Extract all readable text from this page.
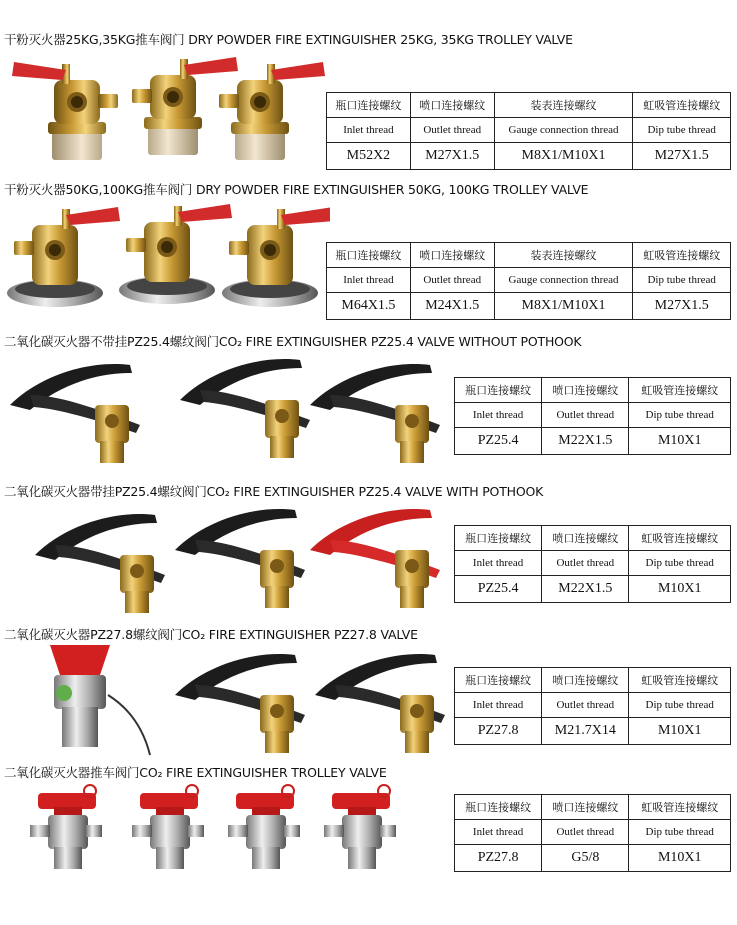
干粉灭火器25KG,35KG推车阀门 DRY POWDER FIRE EXTINGUISHER 25KG, 35KG TROLLEY VALVE
瓶口连接螺纹	喷口连接螺纹	装表连接螺纹	虹吸管连接螺纹
Inlet thread	Outlet thread	Gauge connection thread	Dip tube thread
M52X2	M27X1.5	M8X1/M10X1	M27X1.5
干粉灭火器50KG,100KG推车阀门 DRY POWDER FIRE EXTINGUISHER 50KG, 100KG TROLLEY VALVE
瓶口连接螺纹	喷口连接螺纹	装表连接螺纹	虹吸管连接螺纹
Inlet thread	Outlet thread	Gauge connection thread	Dip tube thread
M64X1.5	M24X1.5	M8X1/M10X1	M27X1.5
二氧化碳灭火器不带挂PZ25.4螺纹阀门CO₂ FIRE EXTINGUISHER PZ25.4 VALVE WITHOUT POTHOOK
瓶口连接螺纹	喷口连接螺纹	虹吸管连接螺纹
Inlet thread	Outlet thread	Dip tube thread
PZ25.4	M22X1.5	M10X1
二氧化碳灭火器带挂PZ25.4螺纹阀门CO₂ FIRE EXTINGUISHER PZ25.4 VALVE WITH POTHOOK
瓶口连接螺纹	喷口连接螺纹	虹吸管连接螺纹
Inlet thread	Outlet thread	Dip tube thread
PZ25.4	M22X1.5	M10X1
二氧化碳灭火器PZ27.8螺纹阀门CO₂ FIRE EXTINGUISHER PZ27.8 VALVE
瓶口连接螺纹	喷口连接螺纹	虹吸管连接螺纹
Inlet thread	Outlet thread	Dip tube thread
PZ27.8	M21.7X14	M10X1
二氧化碳灭火器推车阀门CO₂ FIRE EXTINGUISHER TROLLEY VALVE
瓶口连接螺纹	喷口连接螺纹	虹吸管连接螺纹
Inlet thread	Outlet thread	Dip tube thread
PZ27.8	G5/8	M10X1
